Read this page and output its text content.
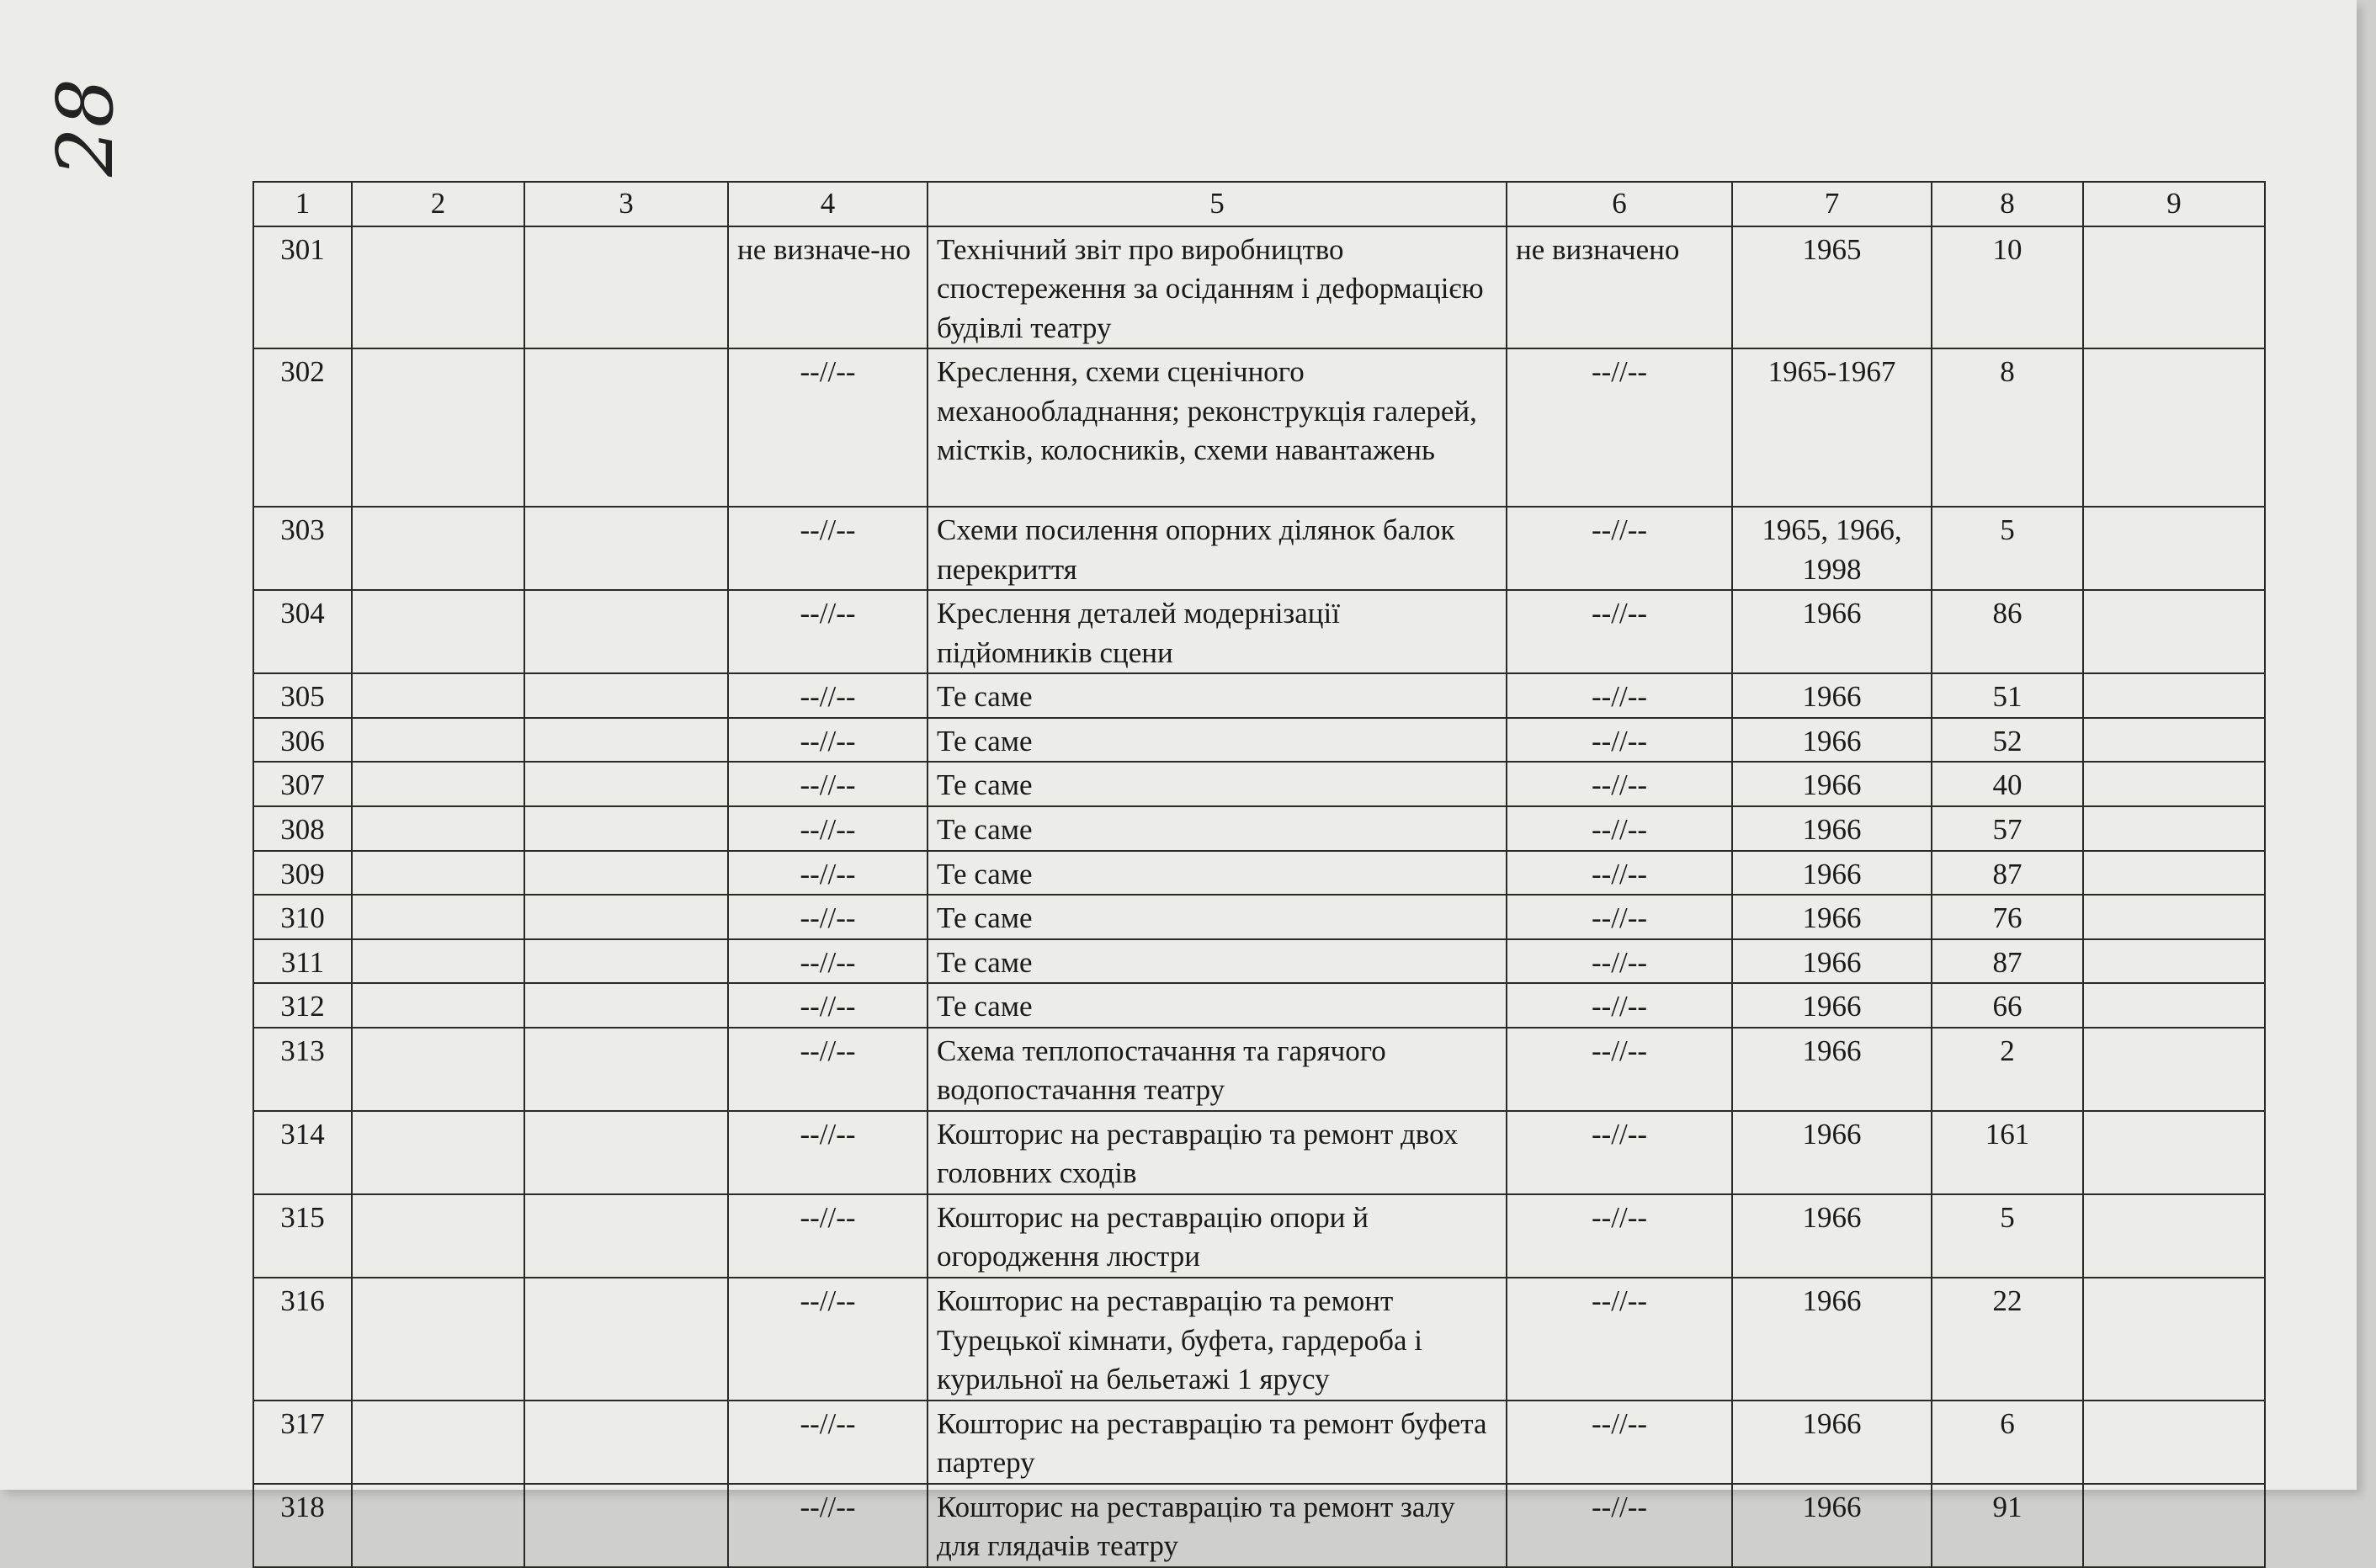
28
1	2	3	4	5	6	7	8	9
301			не визначе-но	Технічний звіт про виробництво спостереження за осіданням і деформацією будівлі театру	не визначено	1965	10	
302			--//--	Креслення, схеми сценічного механообладнання; реконструкція галерей, містків, колосників, схеми навантажень	--//--	1965-1967	8	
303			--//--	Схеми посилення опорних ділянок балок перекриття	--//--	1965, 1966, 1998	5	
304			--//--	Креслення деталей модернізації підйомників сцени	--//--	1966	86	
305			--//--	Те саме	--//--	1966	51	
306			--//--	Те саме	--//--	1966	52	
307			--//--	Те саме	--//--	1966	40	
308			--//--	Те саме	--//--	1966	57	
309			--//--	Те саме	--//--	1966	87	
310			--//--	Те саме	--//--	1966	76	
311			--//--	Те саме	--//--	1966	87	
312			--//--	Те саме	--//--	1966	66	
313			--//--	Схема теплопостачання та гарячого водопостачання театру	--//--	1966	2	
314			--//--	Кошторис на реставрацію та ремонт двох головних сходів	--//--	1966	161	
315			--//--	Кошторис на реставрацію опори й огородження люстри	--//--	1966	5	
316			--//--	Кошторис на реставрацію та ремонт Турецької кімнати, буфета, гардероба і курильної на бельетажі 1 ярусу	--//--	1966	22	
317			--//--	Кошторис на реставрацію та ремонт буфета партеру	--//--	1966	6	
318			--//--	Кошторис на реставрацію та ремонт залу для глядачів театру	--//--	1966	91	
